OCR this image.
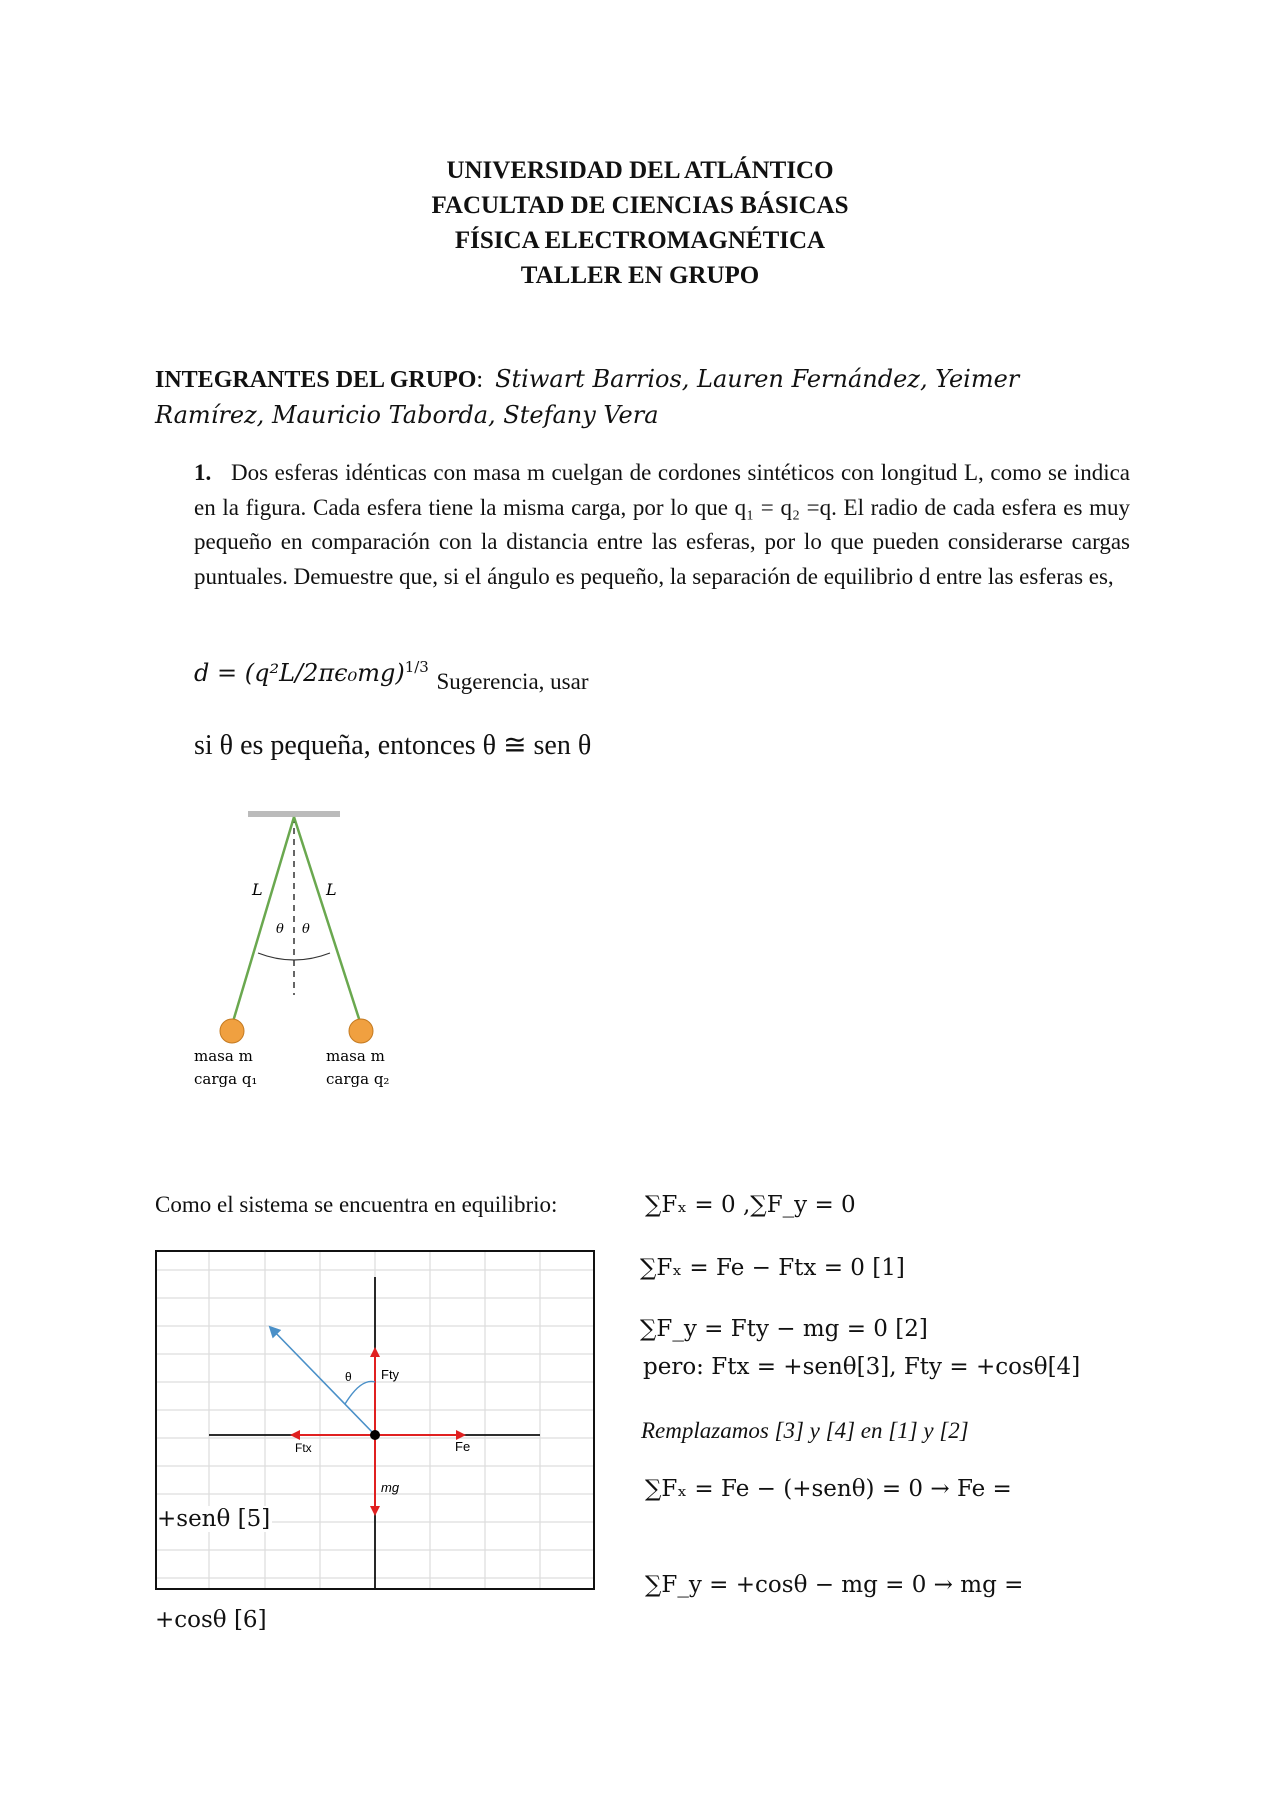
UNIVERSIDAD DEL ATLÁNTICO
FACULTAD DE CIENCIAS BÁSICAS
FÍSICA ELECTROMAGNÉTICA
TALLER EN GRUPO
INTEGRANTES DEL GRUPO:  Stiwart Barrios, Lauren Fernández, Yeimer
Ramírez, Mauricio Taborda, Stefany Vera
1. Dos esferas idénticas con masa m cuelgan de cordones sintéticos con longitud L, como se indica en la figura. Cada esfera tiene la misma carga, por lo que q₁ = q₂ =q. El radio de cada esfera es muy pequeño en comparación con la distancia entre las esferas, por lo que pueden considerarse cargas puntuales. Demuestre que, si el ángulo es pequeño, la separación de equilibrio d entre las esferas es,
$d = (q^2L/2\pi\epsilon_0mg)^{1/3}$ Sugerencia, usar
si θ es pequeña, entonces θ ≅ sen θ
L	L
θ θ
masa m
carga q₁
masa m
carga q₂
Como el sistema se encuentra en equilibrio:	∑Fₓ = 0 ,∑F_y = 0
∑Fₓ = Fe − Ftx = 0 [1]
∑F_y = Fty − mg = 0 [2]
pero: Ftx = +senθ[3], Fty = +cosθ[4]
Remplazamos [3] y [4] en [1] y [2]
∑Fₓ = Fe − (+senθ) = 0 → Fe =
∑F_y = +cosθ − mg = 0 → mg =
θ Fty
Ftx	Fe
mg
+senθ [5]
+cosθ [6]
